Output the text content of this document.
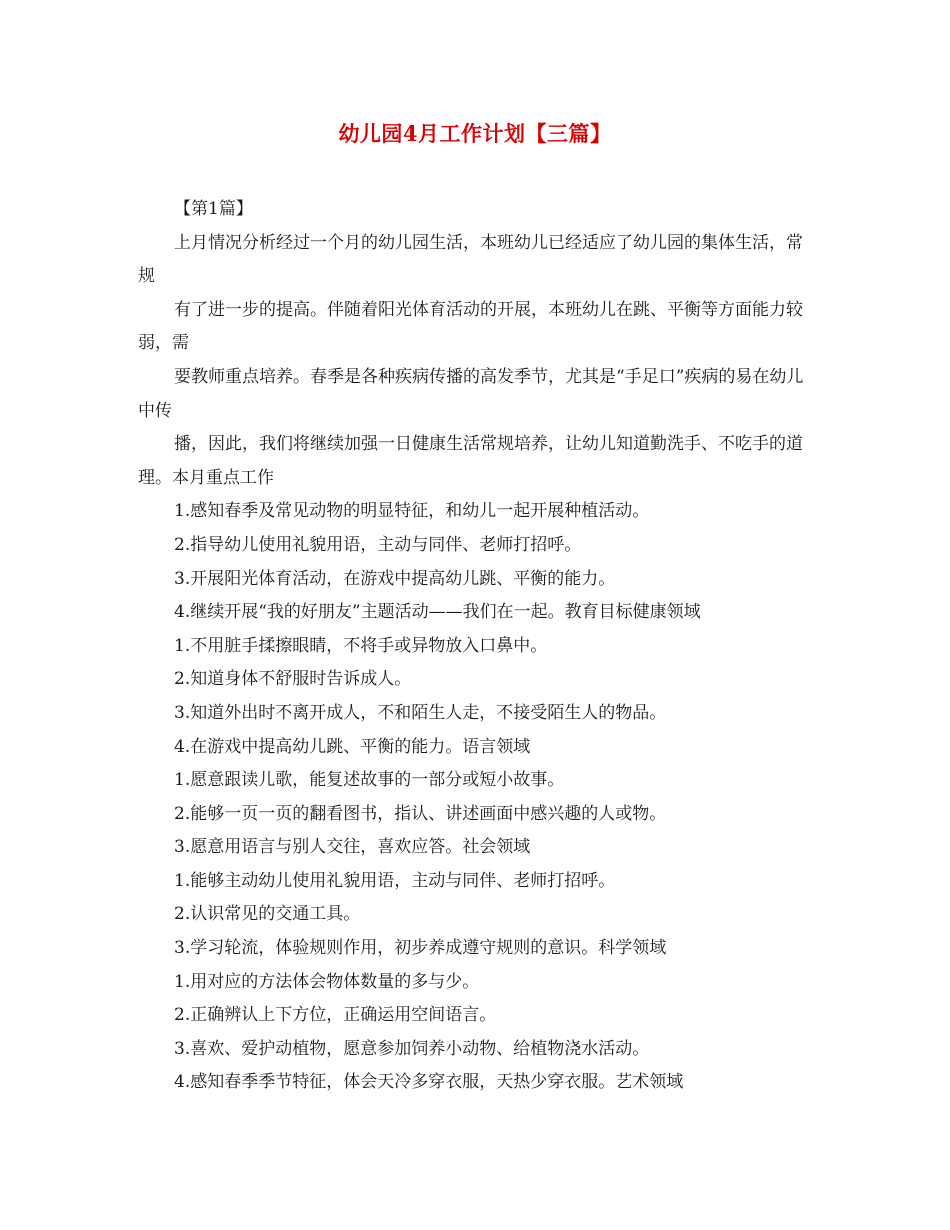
幼儿园4月工作计划【三篇】

【第1篇】

上月情况分析经过一个月的幼儿园生活，本班幼儿已经适应了幼儿园的集体生活，常规

有了进一步的提高。伴随着阳光体育活动的开展，本班幼儿在跳、平衡等方面能力较弱，需

要教师重点培养。春季是各种疾病传播的高发季节，尤其是“手足口”疾病的易在幼儿中传

播，因此，我们将继续加强一日健康生活常规培养，让幼儿知道勤洗手、不吃手的道理。本月重点工作

1.感知春季及常见动物的明显特征，和幼儿一起开展种植活动。

2.指导幼儿使用礼貌用语，主动与同伴、老师打招呼。

3.开展阳光体育活动，在游戏中提高幼儿跳、平衡的能力。

4.继续开展“我的好朋友”主题活动——我们在一起。教育目标健康领域

1.不用脏手揉擦眼睛，不将手或异物放入口鼻中。

2.知道身体不舒服时告诉成人。

3.知道外出时不离开成人，不和陌生人走，不接受陌生人的物品。

4.在游戏中提高幼儿跳、平衡的能力。语言领域

1.愿意跟读儿歌，能复述故事的一部分或短小故事。

2.能够一页一页的翻看图书，指认、讲述画面中感兴趣的人或物。

3.愿意用语言与别人交往，喜欢应答。社会领域

1.能够主动幼儿使用礼貌用语，主动与同伴、老师打招呼。

2.认识常见的交通工具。

3.学习轮流，体验规则作用，初步养成遵守规则的意识。科学领域

1.用对应的方法体会物体数量的多与少。

2.正确辨认上下方位，正确运用空间语言。

3.喜欢、爱护动植物，愿意参加饲养小动物、给植物浇水活动。

4.感知春季季节特征，体会天冷多穿衣服，天热少穿衣服。艺术领域
